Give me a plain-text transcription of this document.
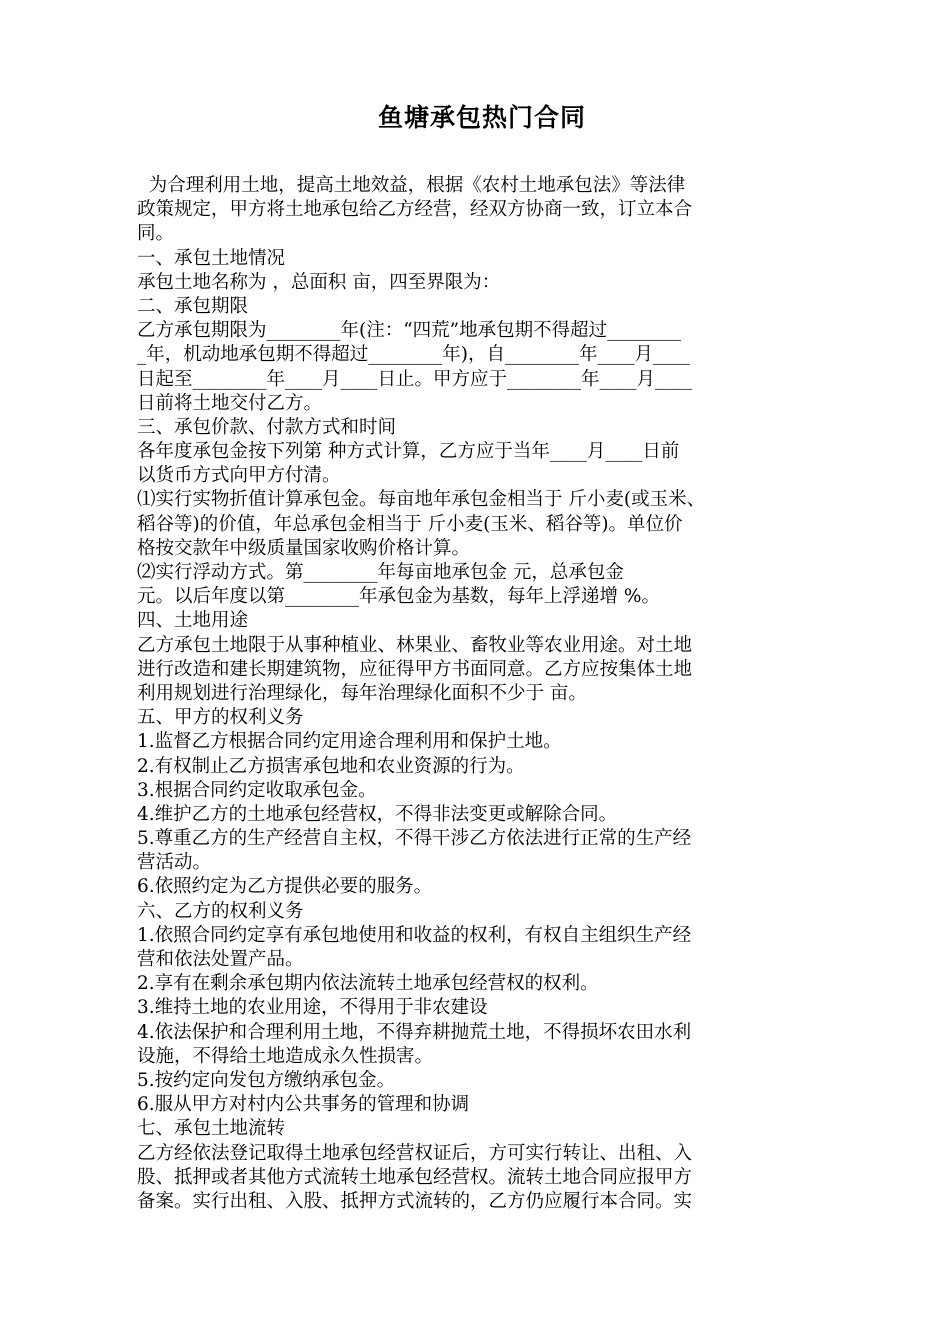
鱼塘承包热门合同
为合理利用土地，提高土地效益，根据《农村土地承包法》等法律
政策规定，甲方将土地承包给乙方经营，经双方协商一致，订立本合
同。
一、承包土地情况
承包土地名称为 ，总面积 亩，四至界限为：
二、承包期限
乙方承包期限为________年(注：“四荒”地承包期不得超过________
_年，机动地承包期不得超过________年)，自________年____月____
日起至________年____月____日止。甲方应于________年____月____
日前将土地交付乙方。
三、承包价款、付款方式和时间
各年度承包金按下列第 种方式计算，乙方应于当年____月____日前
以货币方式向甲方付清。
⑴实行实物折值计算承包金。每亩地年承包金相当于 斤小麦(或玉米、
稻谷等)的价值，年总承包金相当于 斤小麦(玉米、稻谷等)。单位价
格按交款年中级质量国家收购价格计算。
⑵实行浮动方式。第________年每亩地承包金 元，总承包金
元。以后年度以第________年承包金为基数，每年上浮递增 %。
四、土地用途
乙方承包土地限于从事种植业、林果业、畜牧业等农业用途。对土地
进行改造和建长期建筑物，应征得甲方书面同意。乙方应按集体土地
利用规划进行治理绿化，每年治理绿化面积不少于 亩。
五、甲方的权利义务
1.监督乙方根据合同约定用途合理利用和保护土地。
2.有权制止乙方损害承包地和农业资源的行为。
3.根据合同约定收取承包金。
4.维护乙方的土地承包经营权，不得非法变更或解除合同。
5.尊重乙方的生产经营自主权，不得干涉乙方依法进行正常的生产经
营活动。
6.依照约定为乙方提供必要的服务。
六、乙方的权利义务
1.依照合同约定享有承包地使用和收益的权利，有权自主组织生产经
营和依法处置产品。
2.享有在剩余承包期内依法流转土地承包经营权的权利。
3.维持土地的农业用途，不得用于非农建设
4.依法保护和合理利用土地，不得弃耕抛荒土地，不得损坏农田水利
设施，不得给土地造成永久性损害。
5.按约定向发包方缴纳承包金。
6.服从甲方对村内公共事务的管理和协调
七、承包土地流转
乙方经依法登记取得土地承包经营权证后，方可实行转让、出租、入
股、抵押或者其他方式流转土地承包经营权。流转土地合同应报甲方
备案。实行出租、入股、抵押方式流转的，乙方仍应履行本合同。实
